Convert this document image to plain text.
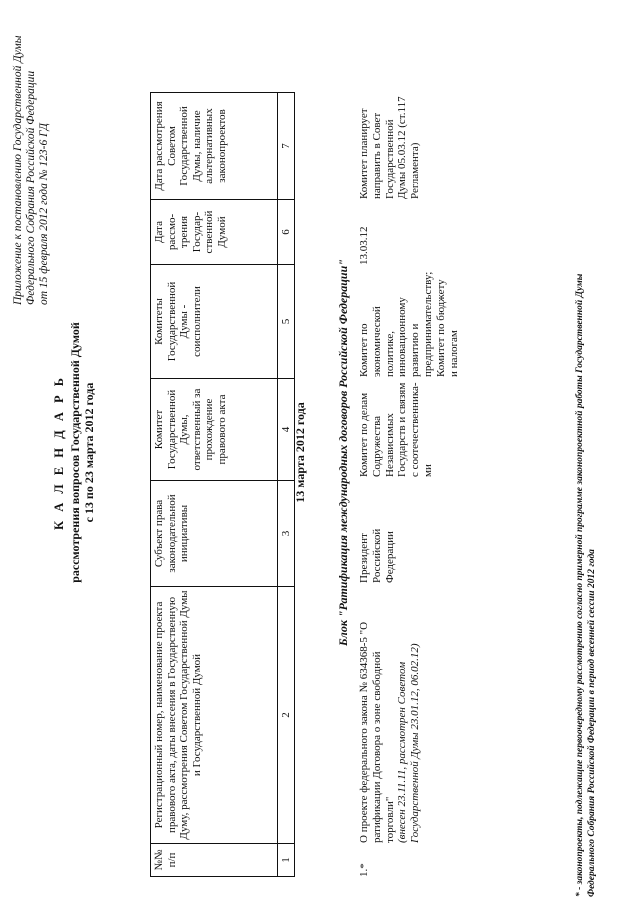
Приложение к постановлению Государственной Думы Федерального Собрания Российской Федерации от 15 февраля 2012 года № 123-6 ГД
К А Л Е Н Д А Р Ь рассмотрения вопросов Государственной Думой с 13 по 23 марта 2012 года
№№ п/п
Регистрационный номер, наименование проекта правового акта, даты внесения в Государственную Думу, рассмотрения Советом Государственной Думы и Государственной Думой
Субъект права законодательной инициативы
Комитет Государственной Думы, ответственный за прохождение правового акта
Комитеты Государственной Думы - соисполнители
Дата рассмо-трения Государ-ственной Думой
Дата рассмотрения Советом Государственной Думы, наличие альтернативных законопроектов
1
2
3
4
5
6
7
13 марта 2012 года Блок "Ратификация международных договоров Российской Федерации"
1.*
О проекте федерального закона № 634368-5 "О ратификации Договора о зоне свободной торговли" (внесен 23.11.11, рассмотрен Советом Государственной Думы 23.01.12, 06.02.12)
Президент Российской Федерации
Комитет по делам Содружества Независимых Государств и связям с соотечественника-ми
Комитет по экономической политике, инновационному развитию и предпринимательству; Комитет по бюджету и налогам
13.03.12
Комитет планирует направить в Совет Государственной Думы 05.03.12 (ст.117 Регламента)
* - законопроекты, подлежащие первоочередному рассмотрению согласно примерной программе законопроектной работы Государственной Думы Федерального Собрания Российской Федерации в период весенней сессии 2012 года
